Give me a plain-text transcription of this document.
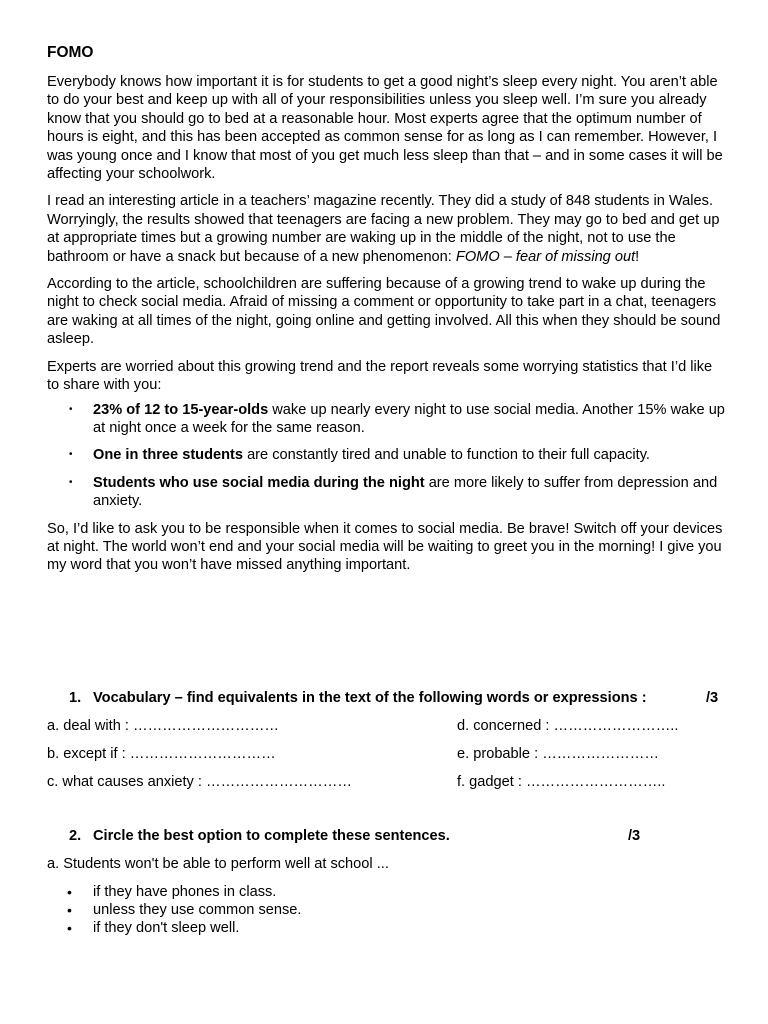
FOMO

Everybody knows how important it is for students to get a good night’s sleep every night. You aren’t able to do your best and keep up with all of your responsibilities unless you sleep well. I’m sure you already know that you should go to bed at a reasonable hour. Most experts agree that the optimum number of hours is eight, and this has been accepted as common sense for as long as I can remember. However, I was young once and I know that most of you get much less sleep than that – and in some cases it will be affecting your schoolwork.

I read an interesting article in a teachers’ magazine recently. They did a study of 848 students in Wales. Worryingly, the results showed that teenagers are facing a new problem. They may go to bed and get up at appropriate times but a growing number are waking up in the middle of the night, not to use the bathroom or have a snack but because of a new phenomenon: FOMO – fear of missing out!

According to the article, schoolchildren are suffering because of a growing trend to wake up during the night to check social media. Afraid of missing a comment or opportunity to take part in a chat, teenagers are waking at all times of the night, going online and getting involved. All this when they should be sound asleep.

Experts are worried about this growing trend and the report reveals some worrying statistics that I’d like to share with you:

• 23% of 12 to 15-year-olds wake up nearly every night to use social media. Another 15% wake up at night once a week for the same reason.
• One in three students are constantly tired and unable to function to their full capacity.
• Students who use social media during the night are more likely to suffer from depression and anxiety.

So, I’d like to ask you to be responsible when it comes to social media. Be brave! Switch off your devices at night. The world won’t end and your social media will be waiting to greet you in the morning! I give you my word that you won’t have missed anything important.

1. Vocabulary – find equivalents in the text of the following words or expressions :	/3
a. deal with : …………………………
b. except if : …………………………
c. what causes anxiety : …………………………
d. concerned : ……………………..
e. probable : ……………………
f. gadget : ………………………..
2. Circle the best option to complete these sentences.	/3
a. Students won't be able to perform well at school ...
• if they have phones in class.
• unless they use common sense.
• if they don't sleep well.
